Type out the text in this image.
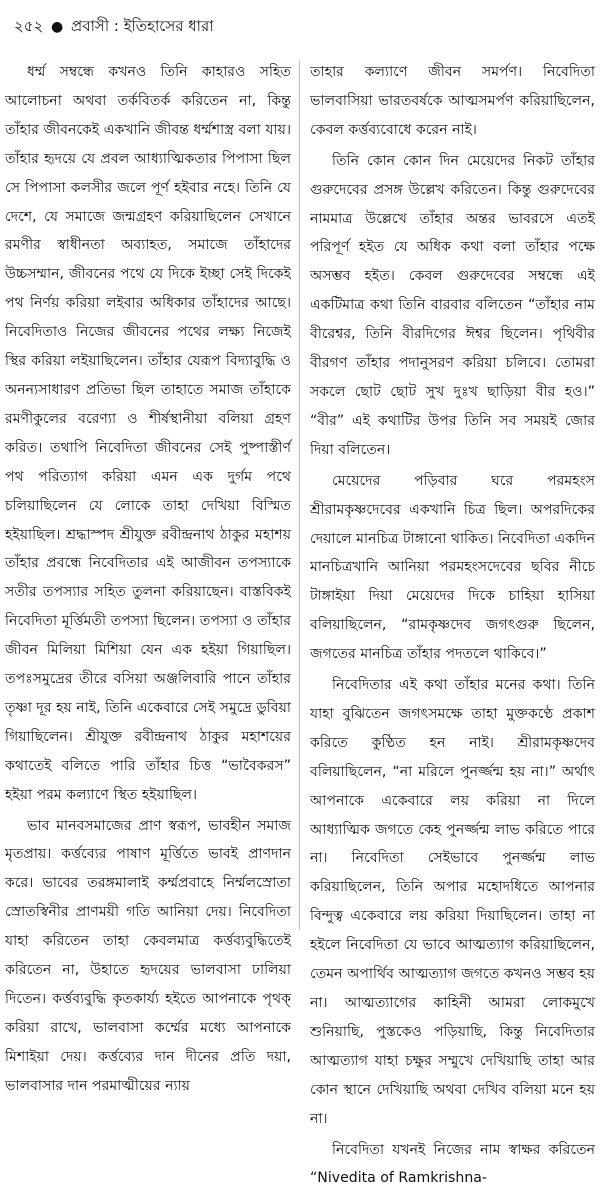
২৫২ ● প্রবাসী : ইতিহাসের ধারা

ধর্ম্ম সম্বন্ধে কখনও তিনি কাহারও সহিত আলোচনা অথবা তর্কবিতর্ক করিতেন না, কিন্তু তাঁহার জীবনকেই একখানি জীবন্ত ধর্ম্মশাস্ত্র বলা যায়। তাঁহার হৃদয়ে যে প্রবল আধ্যাত্মিকতার পিপাসা ছিল সে পিপাসা কলসীর জলে পূর্ণ হইবার নহে। তিনি যে দেশে, যে সমাজে জন্মগ্রহণ করিয়াছিলেন সেখানে রমণীর স্বাধীনতা অব্যাহত, সমাজে তাঁহাদের উচ্চসম্মান, জীবনের পথে যে দিকে ইচ্ছা সেই দিকেই পথ নির্ণয় করিয়া লইবার অধিকার তাঁহাদের আছে। নিবেদিতাও নিজের জীবনের পথের লক্ষ্য নিজেই স্থির করিয়া লইয়াছিলেন। তাঁহার যেরূপ বিদ্যাবুদ্ধি ও অনন্যসাধারণ প্রতিভা ছিল তাহাতে সমাজ তাঁহাকে রমণীকুলের বরেণ্যা ও শীর্ষস্থানীয়া বলিয়া গ্রহণ করিত। তথাপি নিবেদিতা জীবনের সেই পুষ্পাস্তীর্ণ পথ পরিত্যাগ করিয়া এমন এক দুর্গম পথে চলিয়াছিলেন যে লোকে তাহা দেখিয়া বিস্মিত হইয়াছিল। শ্রদ্ধাস্পদ শ্রীযুক্ত রবীন্দ্রনাথ ঠাকুর মহাশয় তাঁহার প্রবন্ধে নিবেদিতার এই আজীবন তপস্যাকে সতীর তপস্যার সহিত তুলনা করিয়াছেন। বাস্তবিকই নিবেদিতা মূর্ত্তিমতী তপস্যা ছিলেন। তপস্যা ও তাঁহার জীবন মিলিয়া মিশিয়া যেন এক হইয়া গিয়াছিল। তপঃসমুদ্রের তীরে বসিয়া অঞ্জলিবারি পানে তাঁহার তৃষ্ণা দূর হয় নাই, তিনি একেবারে সেই সমুদ্রে ডুবিয়া গিয়াছিলেন। শ্রীযুক্ত রবীন্দ্রনাথ ঠাকুর মহাশয়ের কথাতেই বলিতে পারি তাঁহার চিত্ত “ভাবৈকরস” হইয়া পরম কল্যাণে স্থিত হইয়াছিল।

ভাব মানবসমাজের প্রাণ স্বরূপ, ভাবহীন সমাজ মৃতপ্রায়। কর্ত্তব্যের পাষাণ মূর্ত্তিতে ভাবই প্রাণদান করে। ভাবের তরঙ্গমালাই কর্ম্মপ্রবাহে নির্ম্মলস্রোতা স্রোতস্বিনীর প্রাণময়ী গতি আনিয়া দেয়। নিবেদিতা যাহা করিতেন তাহা কেবলমাত্র কর্ত্তব্যবুদ্ধিতেই করিতেন না, উহাতে হৃদয়ের ভালবাসা ঢালিয়া দিতেন। কর্ত্তব্যবুদ্ধি কৃতকার্য্য হইতে আপনাকে পৃথক্ করিয়া রাখে, ভালবাসা কর্ম্মের মধ্যে আপনাকে মিশাইয়া দেয়। কর্ত্তব্যের দান দীনের প্রতি দয়া, ভালবাসার দান পরমাত্মীয়ের ন্যায়

তাহার কল্যাণে জীবন সমর্পণ। নিবেদিতা ভালবাসিয়া ভারতবর্ষকে আত্মসমর্পণ করিয়াছিলেন, কেবল কর্ত্তব্যবোধে করেন নাই।

তিনি কোন কোন দিন মেয়েদের নিকট তাঁহার গুরুদেবের প্রসঙ্গ উল্লেখ করিতেন। কিন্তু গুরুদেবের নামমাত্র উল্লেখে তাঁহার অন্তর ভাবরসে এতই পরিপূর্ণ হইত যে অধিক কথা বলা তাঁহার পক্ষে অসম্ভব হইত। কেবল গুরুদেবের সম্বন্ধে এই একটিমাত্র কথা তিনি বারবার বলিতেন “তাঁহার নাম বীরেশ্বর, তিনি বীরদিগের ঈশ্বর ছিলেন। পৃথিবীর বীরগণ তাঁহার পদানুসরণ করিয়া চলিবে। তোমরা সকলে ছোট ছোট সুখ দুঃখ ছাড়িয়া বীর হও।” “বীর” এই কথাটির উপর তিনি সব সময়ই জোর দিয়া বলিতেন।

মেয়েদের পড়িবার ঘরে পরমহংস শ্রীরামকৃষ্ণদেবের একখানি চিত্র ছিল। অপরদিকের দেয়ালে মানচিত্র টাঙ্গানো থাকিত। নিবেদিতা একদিন মানচিত্রখানি আনিয়া পরমহংসদেবের ছবির নীচে টাঙ্গাইয়া দিয়া মেয়েদের দিকে চাহিয়া হাসিয়া বলিয়াছিলেন, “রামকৃষ্ণদেব জগৎগুরু ছিলেন, জগতের মানচিত্র তাঁহার পদতলে থাকিবে।”

নিবেদিতার এই কথা তাঁহার মনের কথা। তিনি যাহা বুঝিতেন জগৎসমক্ষে তাহা মুক্তকণ্ঠে প্রকাশ করিতে কুণ্ঠিত হন নাই। শ্রীরামকৃষ্ণদেব বলিয়াছিলেন, “না মরিলে পুনর্জ্জন্ম হয় না।” অর্থাৎ আপনাকে একেবারে লয় করিয়া না দিলে আধ্যাত্মিক জগতে কেহ পুনর্জ্জন্ম লাভ করিতে পারে না। নিবেদিতা সেইভাবে পুনর্জ্জন্ম লাভ করিয়াছিলেন, তিনি অপার মহোদধিতে আপনার বিন্দুত্ব একেবারে লয় করিয়া দিয়াছিলেন। তাহা না হইলে নিবেদিতা যে ভাবে আত্মত্যাগ করিয়াছিলেন, তেমন অপার্থিব আত্মত্যাগ জগতে কখনও সম্ভব হয় না। আত্মত্যাগের কাহিনী আমরা লোকমুখে শুনিয়াছি, পুস্তকেও পড়িয়াছি, কিন্তু নিবেদিতার আত্মত্যাগ যাহা চক্ষুর সম্মুখে দেখিয়াছি তাহা আর কোন স্থানে দেখিয়াছি অথবা দেখিব বলিয়া মনে হয় না।

নিবেদিতা যখনই নিজের নাম স্বাক্ষর করিতেন “Nivedita of Ramkrishna-
